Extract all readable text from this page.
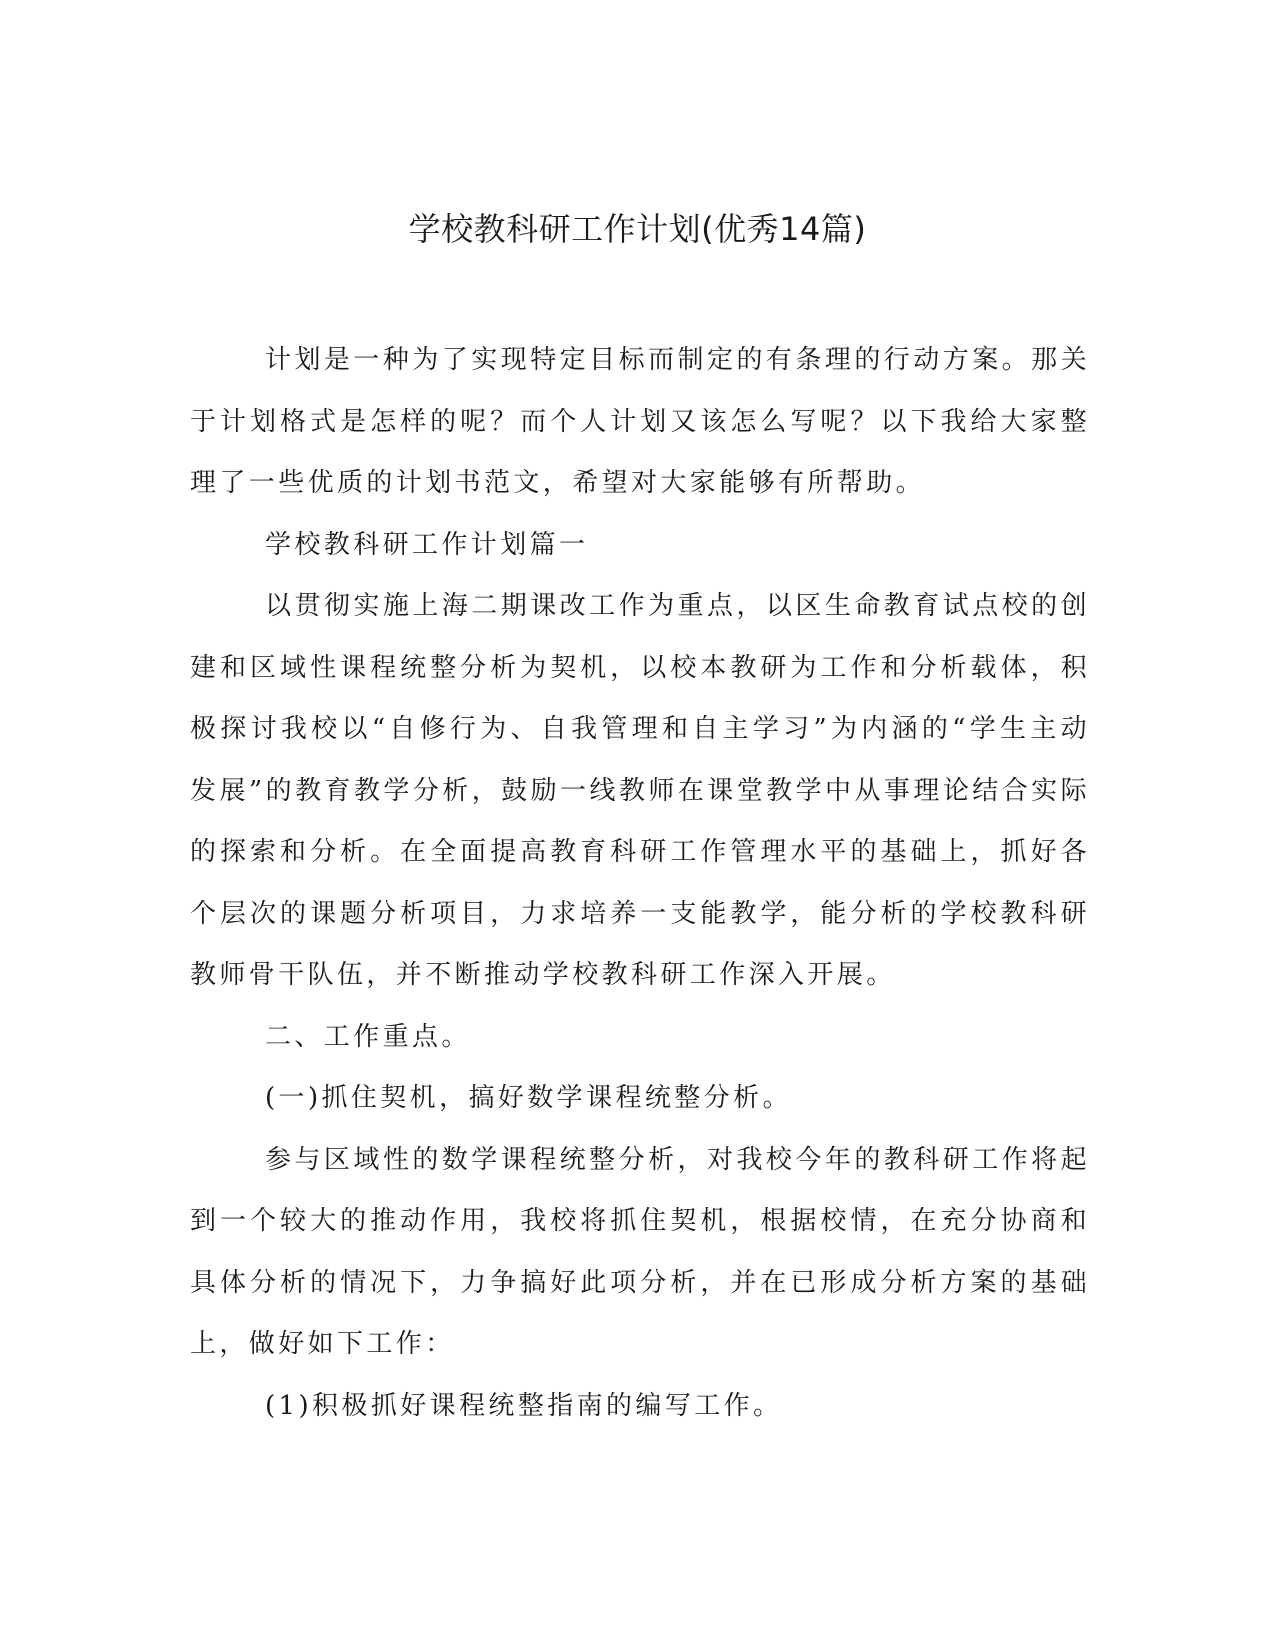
学校教科研工作计划(优秀14篇)

计划是一种为了实现特定目标而制定的有条理的行动方案。那关于计划格式是怎样的呢？而个人计划又该怎么写呢？以下我给大家整理了一些优质的计划书范文，希望对大家能够有所帮助。

学校教科研工作计划篇一

以贯彻实施上海二期课改工作为重点，以区生命教育试点校的创建和区域性课程统整分析为契机，以校本教研为工作和分析载体，积极探讨我校以“自修行为、自我管理和自主学习”为内涵的“学生主动发展”的教育教学分析，鼓励一线教师在课堂教学中从事理论结合实际的探索和分析。在全面提高教育科研工作管理水平的基础上，抓好各个层次的课题分析项目，力求培养一支能教学，能分析的学校教科研教师骨干队伍，并不断推动学校教科研工作深入开展。

二、工作重点。

(一)抓住契机，搞好数学课程统整分析。

参与区域性的数学课程统整分析，对我校今年的教科研工作将起到一个较大的推动作用，我校将抓住契机，根据校情，在充分协商和具体分析的情况下，力争搞好此项分析，并在已形成分析方案的基础上，做好如下工作：

(1)积极抓好课程统整指南的编写工作。
